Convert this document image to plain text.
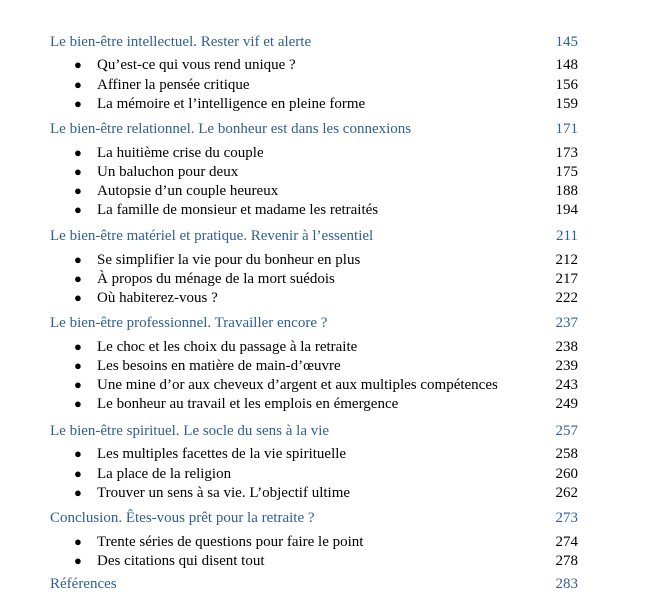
Le bien-être intellectuel. Rester vif et alerte	145
● Qu’est-ce qui vous rend unique ?	148
● Affiner la pensée critique	156
● La mémoire et l’intelligence en pleine forme	159
Le bien-être relationnel. Le bonheur est dans les connexions	171
● La huitième crise du couple	173
● Un baluchon pour deux	175
● Autopsie d’un couple heureux	188
● La famille de monsieur et madame les retraités	194
Le bien-être matériel et pratique. Revenir à l’essentiel	211
● Se simplifier la vie pour du bonheur en plus	212
● À propos du ménage de la mort suédois	217
● Où habiterez-vous ?	222
Le bien-être professionnel. Travailler encore ?	237
● Le choc et les choix du passage à la retraite	238
● Les besoins en matière de main-d’œuvre	239
● Une mine d’or aux cheveux d’argent et aux multiples compétences	243
● Le bonheur au travail et les emplois en émergence	249
Le bien-être spirituel. Le socle du sens à la vie	257
● Les multiples facettes de la vie spirituelle	258
● La place de la religion	260
● Trouver un sens à sa vie. L’objectif ultime	262
Conclusion. Êtes-vous prêt pour la retraite ?	273
● Trente séries de questions pour faire le point	274
● Des citations qui disent tout	278
Références	283
